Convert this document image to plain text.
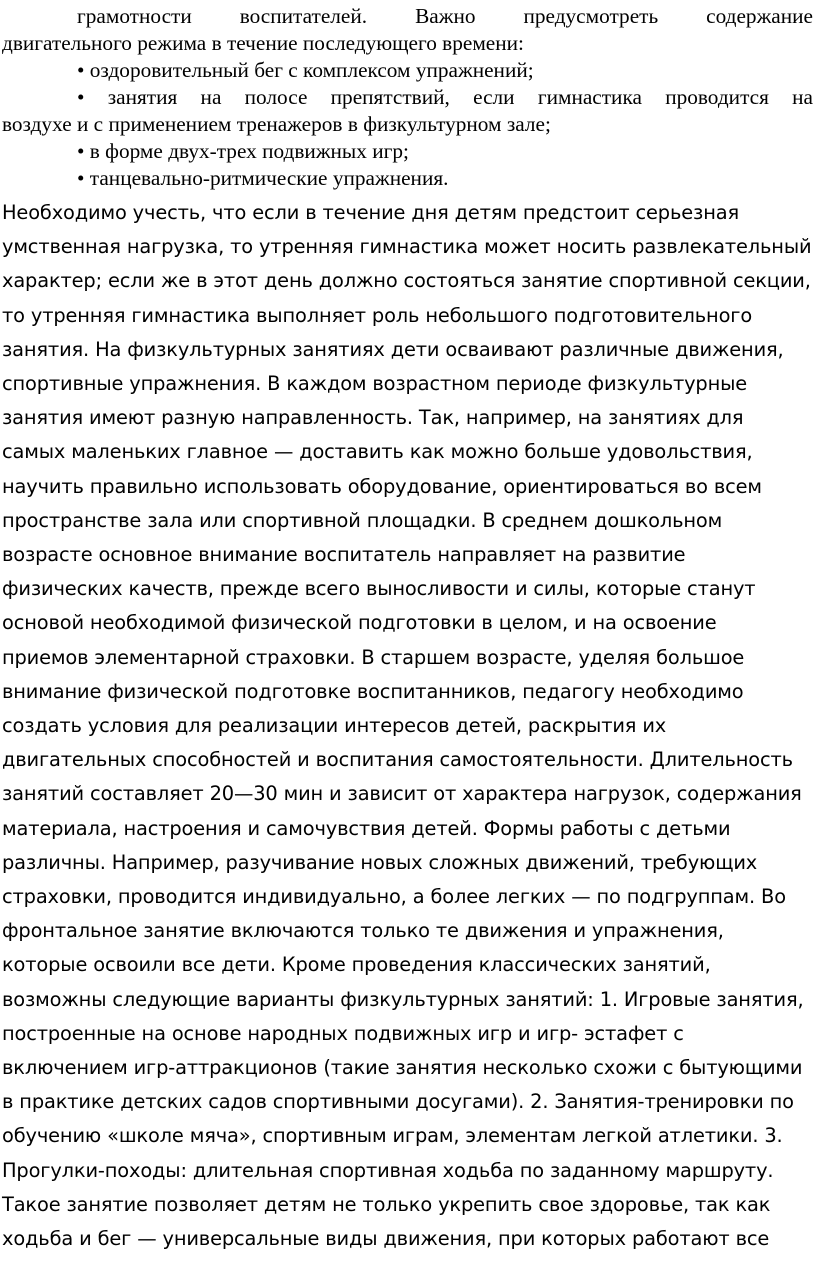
грамотности воспитателей. Важно предусмотреть содержание

двигательного режима в течение последующего времени:

• оздоровительный бег с комплексом упражнений;

• занятия на полосе препятствий, если гимнастика проводится на

воздухе и с применением тренажеров в физкультурном зале;

• в форме двух-трех подвижных игр;

• танцевально-ритмические упражнения.

Необходимо учесть, что если в течение дня детям предстоит серьезная
умственная нагрузка, то утренняя гимнастика может носить развлекательный
характер; если же в этот день должно состояться занятие спортивной секции,
то утренняя гимнастика выполняет роль небольшого подготовительного
занятия. На физкультурных занятиях дети осваивают различные движения,
спортивные упражнения. В каждом возрастном периоде физкультурные
занятия имеют разную направленность. Так, например, на занятиях для
самых маленьких главное — доставить как можно больше удовольствия,
научить правильно использовать оборудование, ориентироваться во всем
пространстве зала или спортивной площадки. В среднем дошкольном
возрасте основное внимание воспитатель направляет на развитие
физических качеств, прежде всего выносливости и силы, которые станут
основой необходимой физической подготовки в целом, и на освоение
приемов элементарной страховки. В старшем возрасте, уделяя большое
внимание физической подготовке воспитанников, педагогу необходимо
создать условия для реализации интересов детей, раскрытия их
двигательных способностей и воспитания самостоятельности. Длительность
занятий составляет 20—30 мин и зависит от характера нагрузок, содержания
материала, настроения и самочувствия детей. Формы работы с детьми
различны. Например, разучивание новых сложных движений, требующих
страховки, проводится индивидуально, а более легких — по подгруппам. Во
фронтальное занятие включаются только те движения и упражнения,
которые освоили все дети. Кроме проведения классических занятий,
возможны следующие варианты физкультурных занятий: 1. Игровые занятия,
построенные на основе народных подвижных игр и игр- эстафет с
включением игр-аттракционов (такие занятия несколько схожи с бытующими
в практике детских садов спортивными досугами). 2. Занятия-тренировки по
обучению «школе мяча», спортивным играм, элементам легкой атлетики. 3.
Прогулки-походы: длительная спортивная ходьба по заданному маршруту.
Такое занятие позволяет детям не только укрепить свое здоровье, так как
ходьба и бег — универсальные виды движения, при которых работают все
